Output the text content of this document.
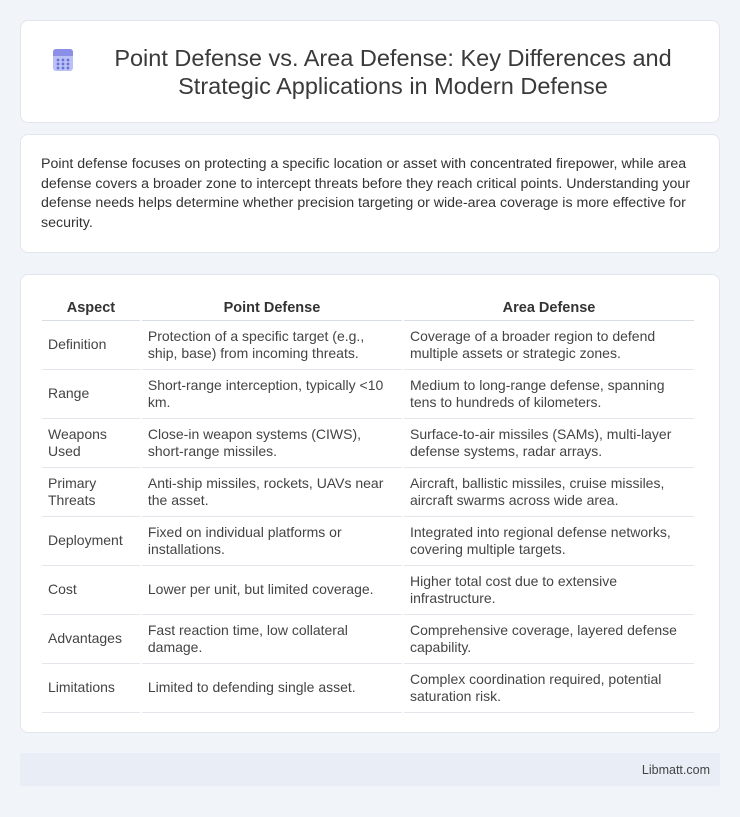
Point Defense vs. Area Defense: Key Differences and Strategic Applications in Modern Defense

Point defense focuses on protecting a specific location or asset with concentrated firepower, while area defense covers a broader zone to intercept threats before they reach critical points. Understanding your defense needs helps determine whether precision targeting or wide-area coverage is more effective for security.

Aspect	Point Defense	Area Defense
Definition	Protection of a specific target (e.g., ship, base) from incoming threats.	Coverage of a broader region to defend multiple assets or strategic zones.
Range	Short-range interception, typically <10 km.	Medium to long-range defense, spanning tens to hundreds of kilometers.
Weapons Used	Close-in weapon systems (CIWS), short-range missiles.	Surface-to-air missiles (SAMs), multi-layer defense systems, radar arrays.
Primary Threats	Anti-ship missiles, rockets, UAVs near the asset.	Aircraft, ballistic missiles, cruise missiles, aircraft swarms across wide area.
Deployment	Fixed on individual platforms or installations.	Integrated into regional defense networks, covering multiple targets.
Cost	Lower per unit, but limited coverage.	Higher total cost due to extensive infrastructure.
Advantages	Fast reaction time, low collateral damage.	Comprehensive coverage, layered defense capability.
Limitations	Limited to defending single asset.	Complex coordination required, potential saturation risk.
Libmatt.com
